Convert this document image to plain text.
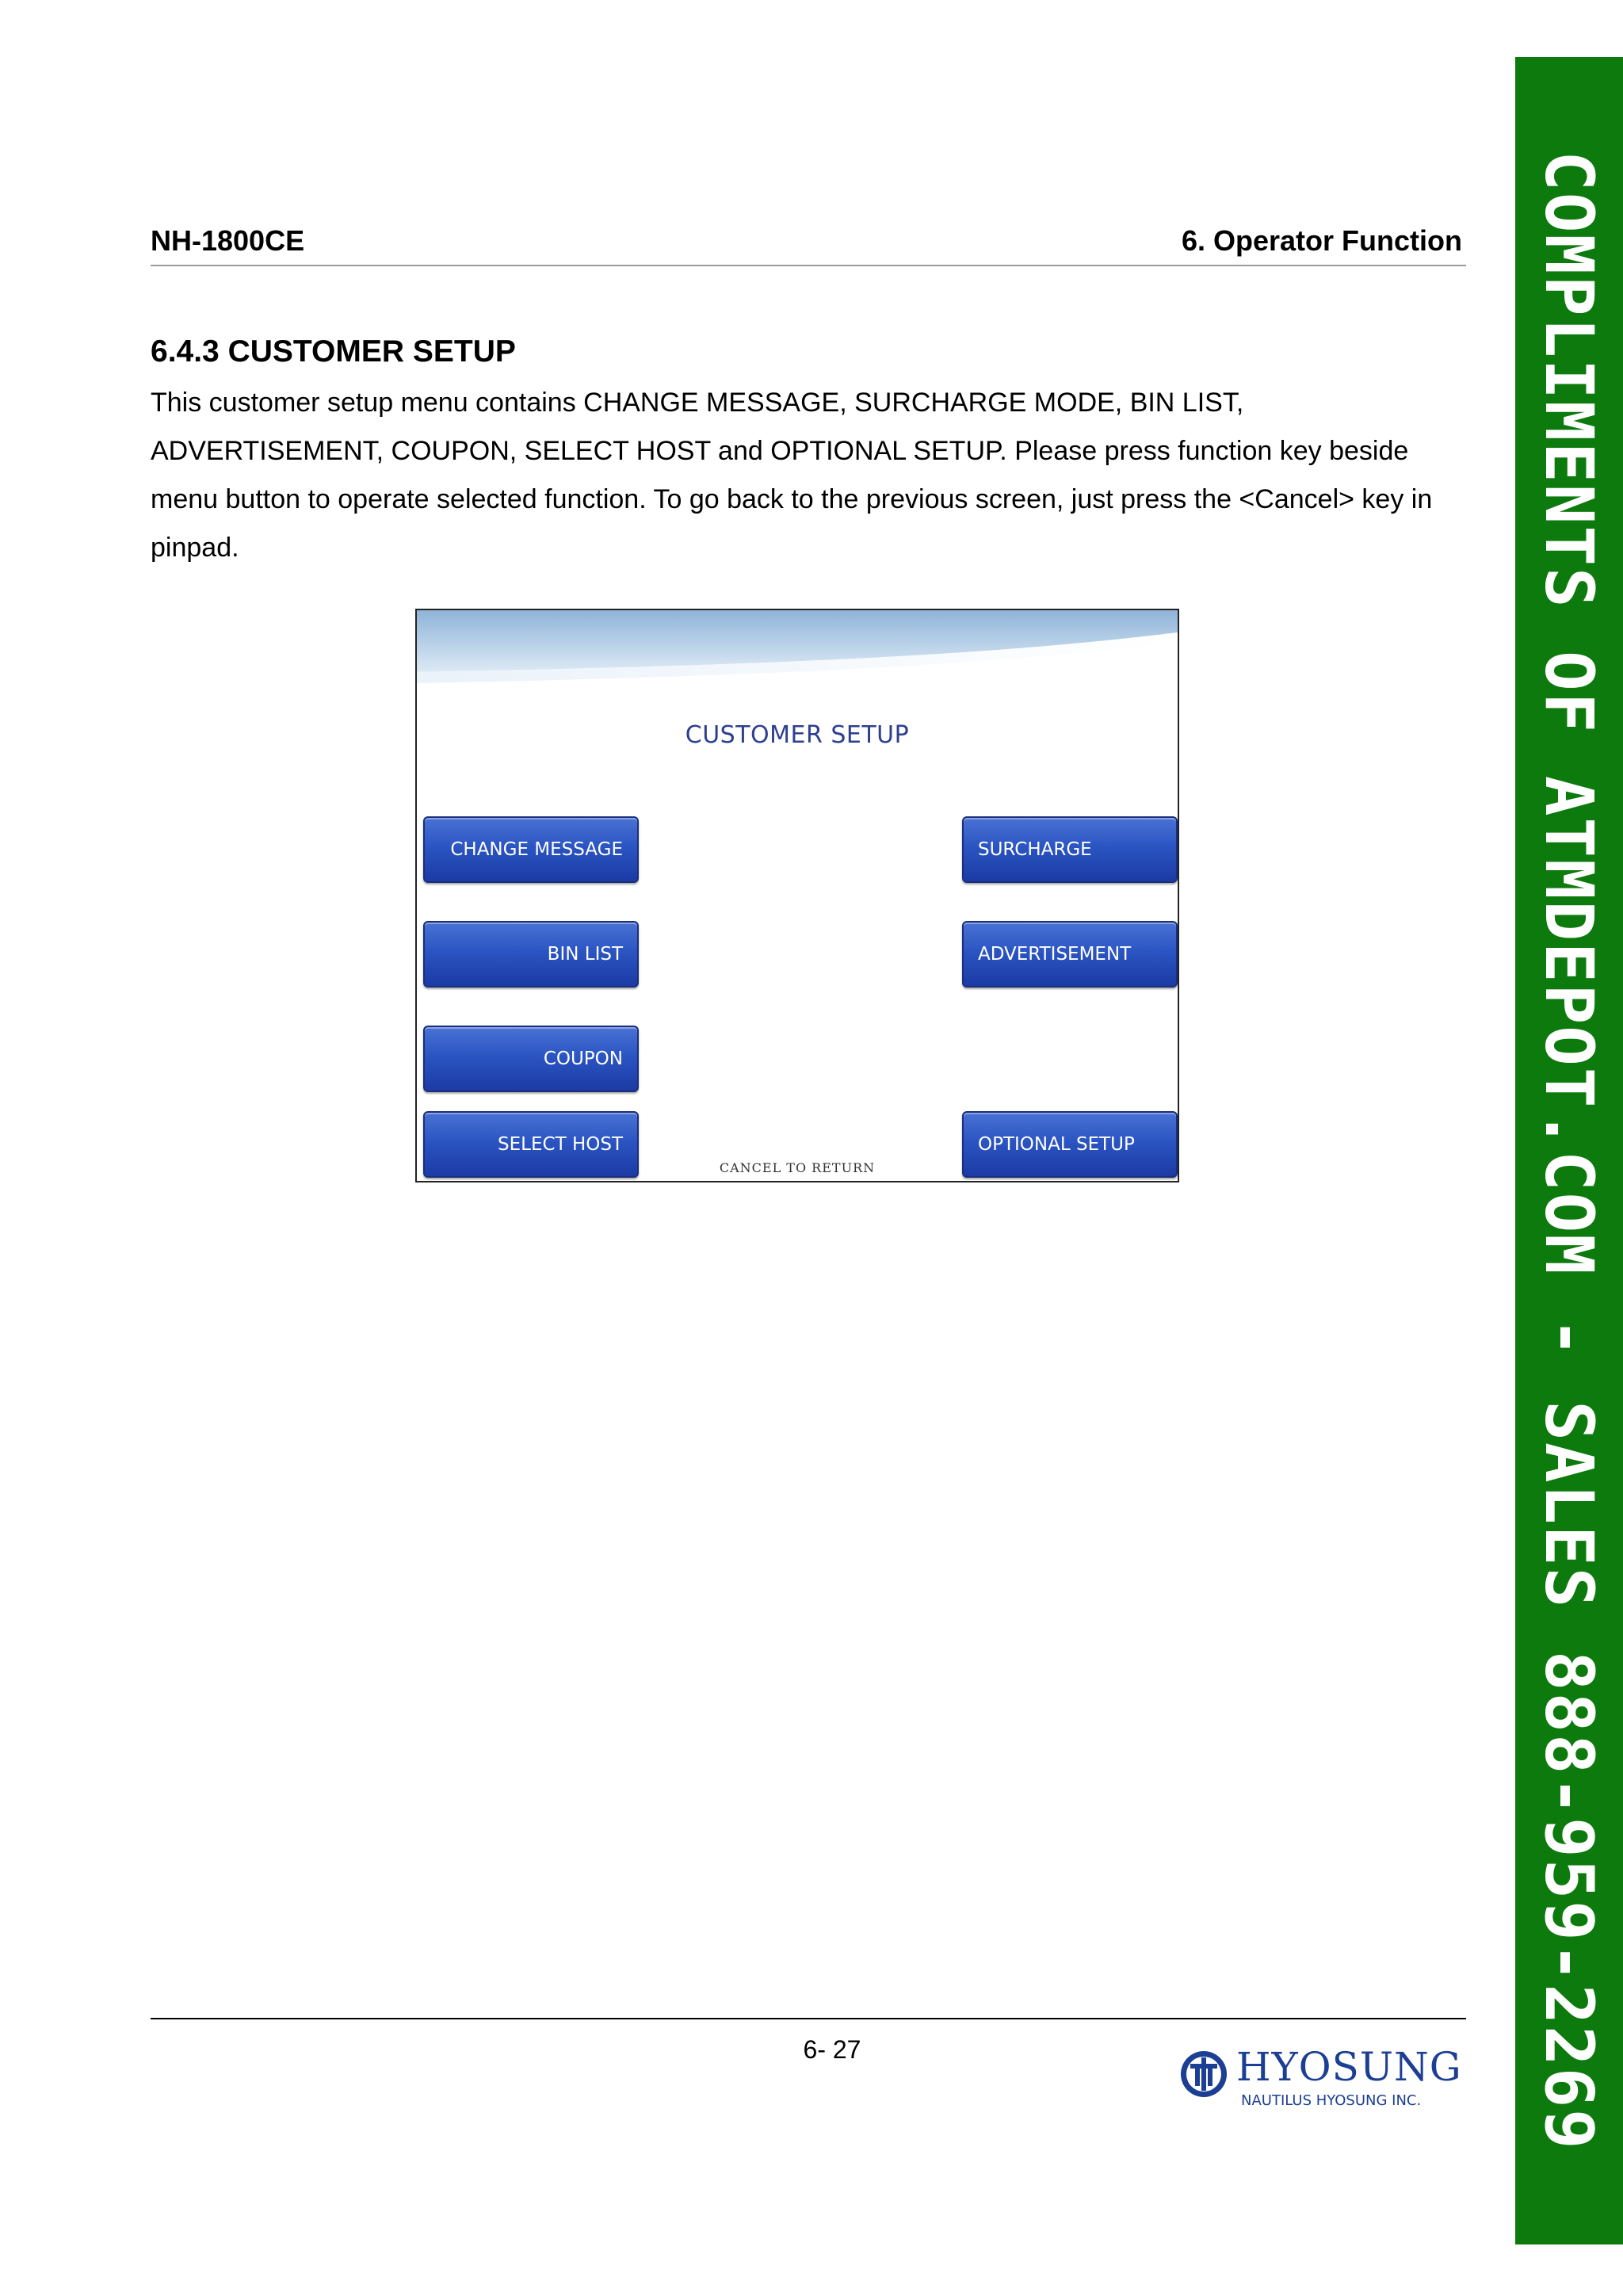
NH-1800CE	6. Operator Function
6.4.3 CUSTOMER SETUP
This customer setup menu contains CHANGE MESSAGE, SURCHARGE MODE, BIN LIST, ADVERTISEMENT, COUPON, SELECT HOST and OPTIONAL SETUP. Please press function key beside menu button to operate selected function. To go back to the previous screen, just press the <Cancel> key in pinpad.
CUSTOMER SETUP
CHANGE MESSAGE
BIN LIST
COUPON
SELECT HOST
SURCHARGE
ADVERTISEMENT
OPTIONAL SETUP
CANCEL TO RETURN
6- 27	HYOSUNG
NAUTILUS HYOSUNG INC. COMPLIMENTS OF ATMDEPOT.COM - SALES 888-959-2269
